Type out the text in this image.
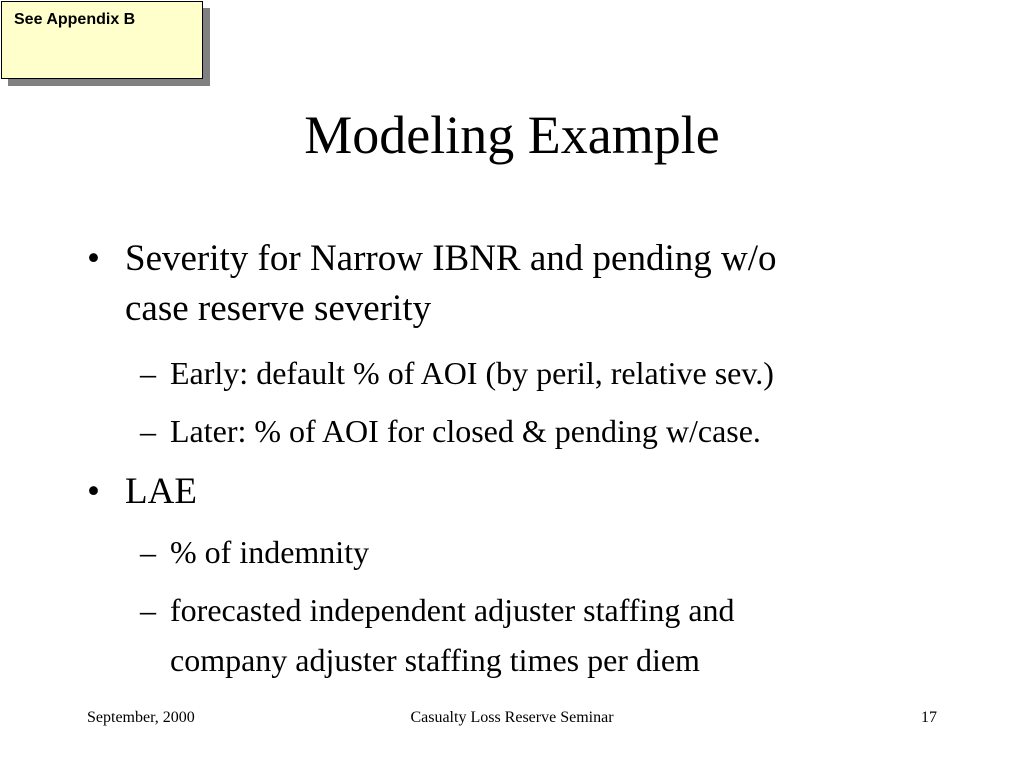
See Appendix B
Modeling Example
• Severity for Narrow IBNR and pending w/o
case reserve severity
– Early: default % of AOI (by peril, relative sev.)
– Later: % of AOI for closed & pending w/case.
• LAE
– % of indemnity
– forecasted independent adjuster staffing and
company adjuster staffing times per diem
September, 2000	Casualty Loss Reserve Seminar	17
